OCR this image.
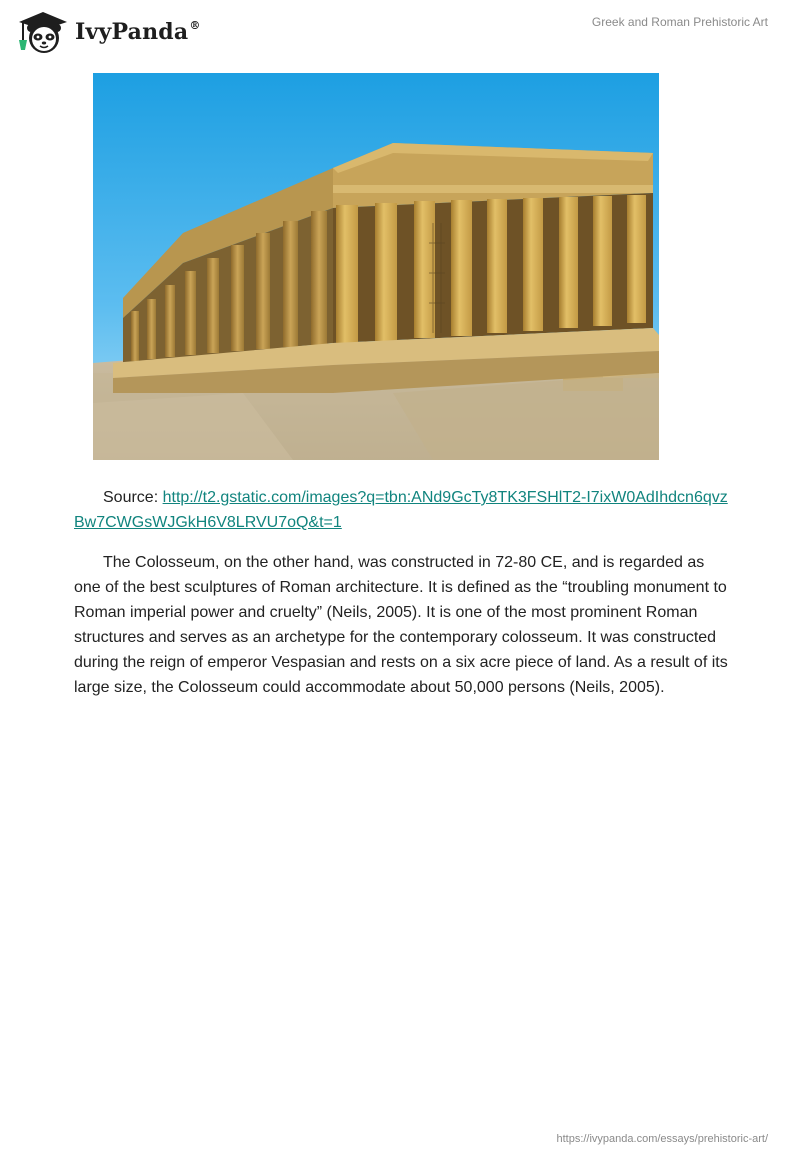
IvyPanda®	Greek and Roman Prehistoric Art
Source: http://t2.gstatic.com/images?q=tbn:ANd9GcTy8TK3FSHlT2-I7ixW0AdIhdcn6qvzBw7CWGsWJGkH6V8LRVU7oQ&t=1
The Colosseum, on the other hand, was constructed in 72-80 CE, and is regarded as one of the best sculptures of Roman architecture. It is defined as the “troubling monument to Roman imperial power and cruelty” (Neils, 2005). It is one of the most prominent Roman structures and serves as an archetype for the contemporary colosseum. It was constructed during the reign of emperor Vespasian and rests on a six acre piece of land. As a result of its large size, the Colosseum could accommodate about 50,000 persons (Neils, 2005).
https://ivypanda.com/essays/prehistoric-art/
